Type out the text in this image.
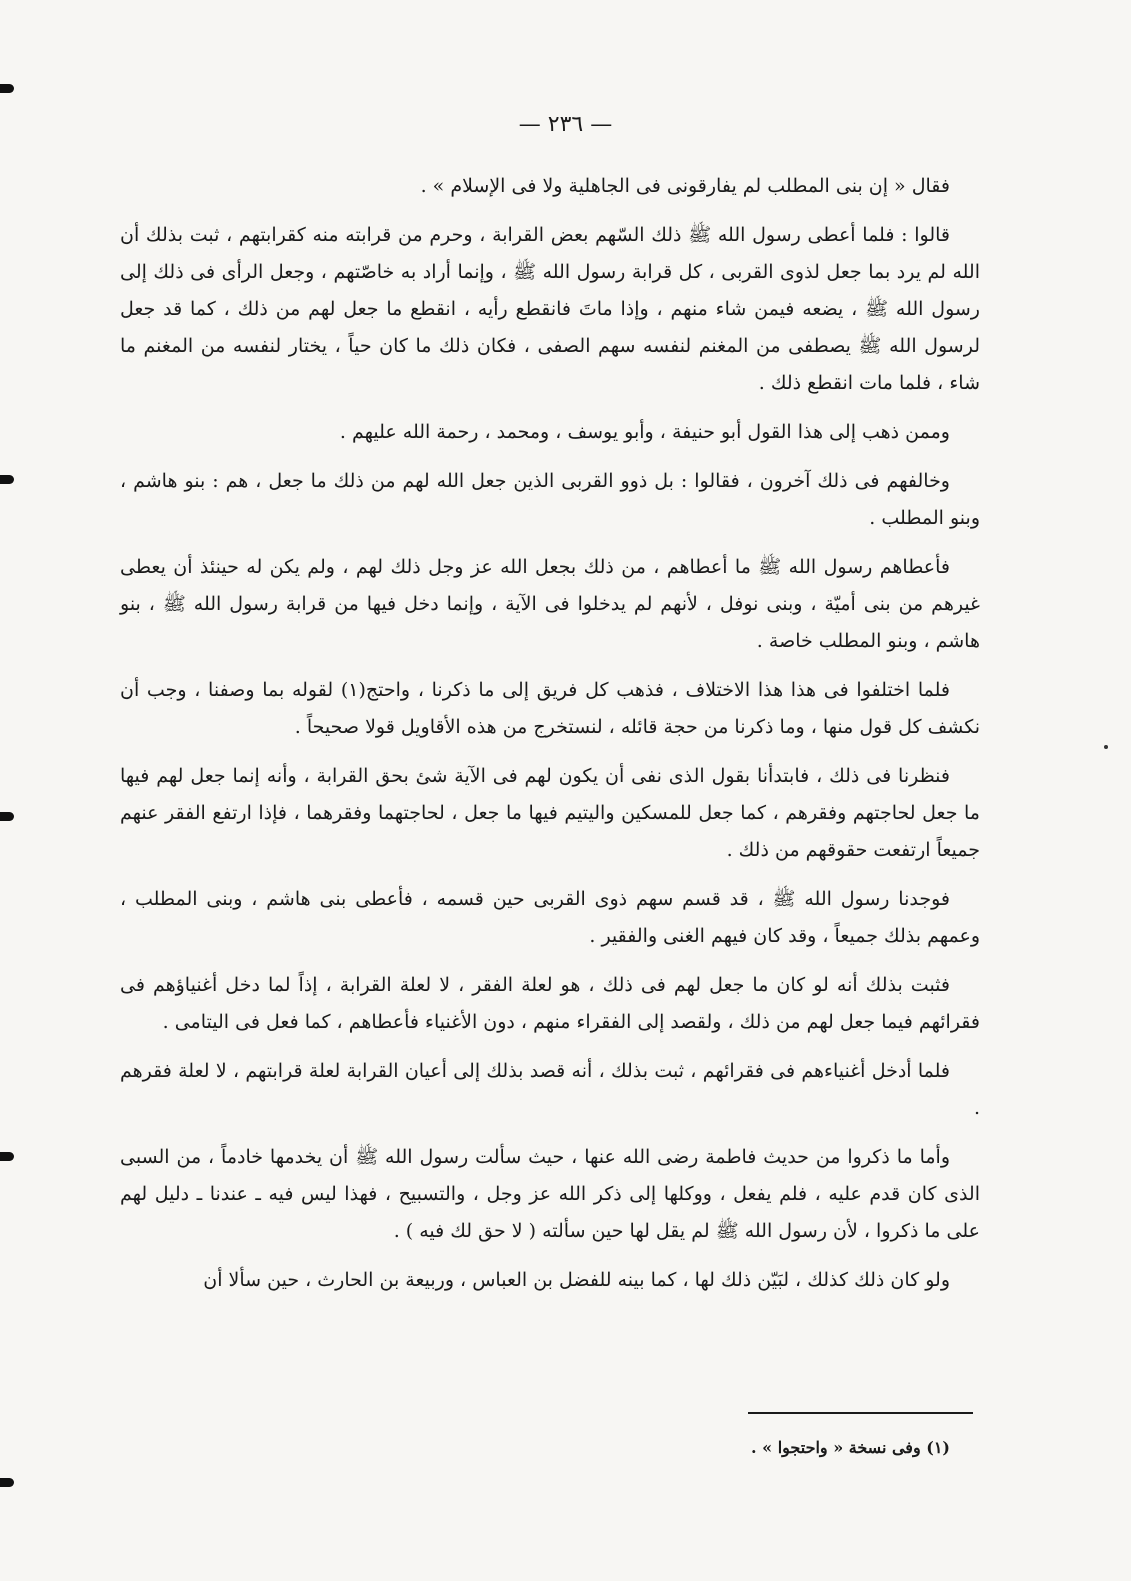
— ٢٣٦ —

فقال « إن بنى المطلب لم يفارقونى فى الجاهلية ولا فى الإسلام » .

قالوا : فلما أعطى رسول الله ﷺ ذلك السّهم بعض القرابة ، وحرم من قرابته منه كقرابتهم ، ثبت بذلك أن الله لم يرد بما جعل لذوى القربى ، كل قرابة رسول الله ﷺ ، وإنما أراد به خاصّتهم ، وجعل الرأى فى ذلك إلى رسول الله ﷺ ، يضعه فيمن شاء منهم ، وإذا ماتَ فانقطع رأيه ، انقطع ما جعل لهم من ذلك ، كما قد جعل لرسول الله ﷺ يصطفى من المغنم لنفسه سهم الصفى ، فكان ذلك ما كان حياً ، يختار لنفسه من المغنم ما شاء ، فلما مات انقطع ذلك .

وممن ذهب إلى هذا القول أبو حنيفة ، وأبو يوسف ، ومحمد ، رحمة الله عليهم .

وخالفهم فى ذلك آخرون ، فقالوا : بل ذوو القربى الذين جعل الله لهم من ذلك ما جعل ، هم : بنو هاشم ، وبنو المطلب .

فأعطاهم رسول الله ﷺ ما أعطاهم ، من ذلك بجعل الله عز وجل ذلك لهم ، ولم يكن له حينئذ أن يعطى غيرهم من بنى أميّة ، وبنى نوفل ، لأنهم لم يدخلوا فى الآية ، وإنما دخل فيها من قرابة رسول الله ﷺ ، بنو هاشم ، وبنو المطلب خاصة .

فلما اختلفوا فى هذا هذا الاختلاف ، فذهب كل فريق إلى ما ذكرنا ، واحتج(١) لقوله بما وصفنا ، وجب أن نكشف كل قول منها ، وما ذكرنا من حجة قائله ، لنستخرج من هذه الأقاويل قولا صحيحاً .

فنظرنا فى ذلك ، فابتدأنا بقول الذى نفى أن يكون لهم فى الآية شئ بحق القرابة ، وأنه إنما جعل لهم فيها ما جعل لحاجتهم وفقرهم ، كما جعل للمسكين واليتيم فيها ما جعل ، لحاجتهما وفقرهما ، فإذا ارتفع الفقر عنهم جميعاً ارتفعت حقوقهم من ذلك .

فوجدنا رسول الله ﷺ ، قد قسم سهم ذوى القربى حين قسمه ، فأعطى بنى هاشم ، وبنى المطلب ، وعمهم بذلك جميعاً ، وقد كان فيهم الغنى والفقير .

فثبت بذلك أنه لو كان ما جعل لهم فى ذلك ، هو لعلة الفقر ، لا لعلة القرابة ، إذاً لما دخل أغنياؤهم فى فقرائهم فيما جعل لهم من ذلك ، ولقصد إلى الفقراء منهم ، دون الأغنياء فأعطاهم ، كما فعل فى اليتامى .

فلما أدخل أغنياءهم فى فقرائهم ، ثبت بذلك ، أنه قصد بذلك إلى أعيان القرابة لعلة قرابتهم ، لا لعلة فقرهم .

وأما ما ذكروا من حديث فاطمة رضى الله عنها ، حيث سألت رسول الله ﷺ أن يخدمها خادماً ، من السبى الذى كان قدم عليه ، فلم يفعل ، ووكلها إلى ذكر الله عز وجل ، والتسبيح ، فهذا ليس فيه ـ عندنا ـ دليل لهم على ما ذكروا ، لأن رسول الله ﷺ لم يقل لها حين سألته ( لا حق لك فيه ) .

ولو كان ذلك كذلك ، لبَيّن ذلك لها ، كما بينه للفضل بن العباس ، وربيعة بن الحارث ، حين سألا أن

(١) وفى نسخة « واحتجوا » .
